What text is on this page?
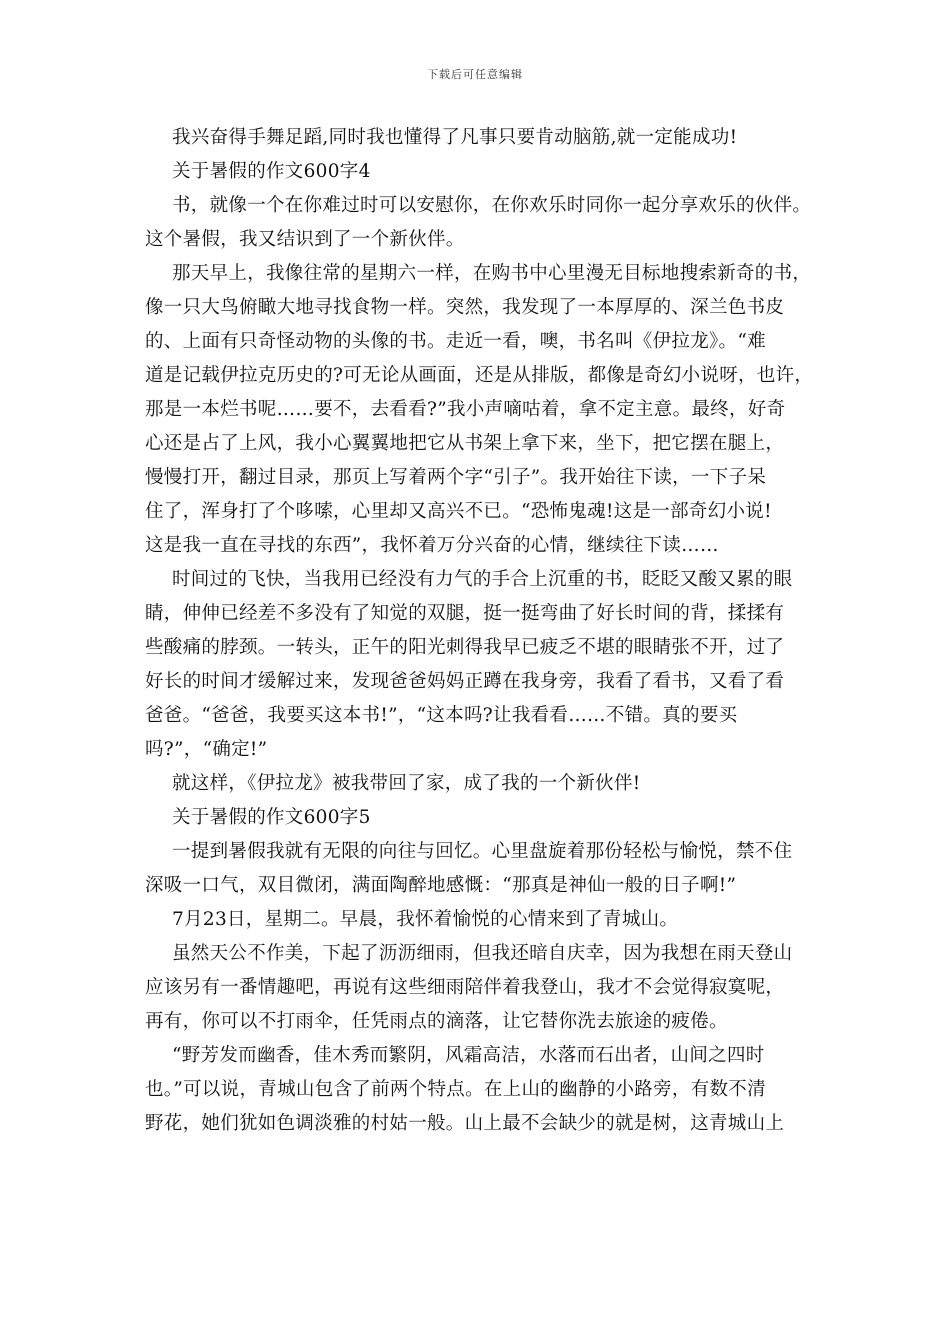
下载后可任意编辑
我兴奋得手舞足蹈,同时我也懂得了凡事只要肯动脑筋,就一定能成功!
关于暑假的作文600字4
书，就像一个在你难过时可以安慰你，在你欢乐时同你一起分享欢乐的伙伴。
这个暑假，我又结识到了一个新伙伴。
那天早上，我像往常的星期六一样，在购书中心里漫无目标地搜索新奇的书，
像一只大鸟俯瞰大地寻找食物一样。突然，我发现了一本厚厚的、深兰色书皮
的、上面有只奇怪动物的头像的书。走近一看，噢，书名叫《伊拉龙》。“难
道是记载伊拉克历史的?可无论从画面，还是从排版，都像是奇幻小说呀，也许，
那是一本烂书呢……要不，去看看?”我小声嘀咕着，拿不定主意。最终，好奇
心还是占了上风，我小心翼翼地把它从书架上拿下来，坐下，把它摆在腿上，
慢慢打开，翻过目录，那页上写着两个字“引子”。我开始往下读，一下子呆
住了，浑身打了个哆嗦，心里却又高兴不已。“恐怖鬼魂!这是一部奇幻小说!
这是我一直在寻找的东西”，我怀着万分兴奋的心情，继续往下读……
时间过的飞快，当我用已经没有力气的手合上沉重的书，眨眨又酸又累的眼
睛，伸伸已经差不多没有了知觉的双腿，挺一挺弯曲了好长时间的背，揉揉有
些酸痛的脖颈。一转头，正午的阳光刺得我早已疲乏不堪的眼睛张不开，过了
好长的时间才缓解过来，发现爸爸妈妈正蹲在我身旁，我看了看书，又看了看
爸爸。“爸爸，我要买这本书!”，“这本吗?让我看看……不错。真的要买
吗?”，“确定!”
就这样，《伊拉龙》被我带回了家，成了我的一个新伙伴!
关于暑假的作文600字5
一提到暑假我就有无限的向往与回忆。心里盘旋着那份轻松与愉悦，禁不住
深吸一口气，双目微闭，满面陶醉地感慨：“那真是神仙一般的日子啊!”
7月23日，星期二。早晨，我怀着愉悦的心情来到了青城山。
虽然天公不作美，下起了沥沥细雨，但我还暗自庆幸，因为我想在雨天登山
应该另有一番情趣吧，再说有这些细雨陪伴着我登山，我才不会觉得寂寞呢，
再有，你可以不打雨伞，任凭雨点的滴落，让它替你洗去旅途的疲倦。
“野芳发而幽香，佳木秀而繁阴，风霜高洁，水落而石出者，山间之四时
也。”可以说，青城山包含了前两个特点。在上山的幽静的小路旁，有数不清
野花，她们犹如色调淡雅的村姑一般。山上最不会缺少的就是树，这青城山上
